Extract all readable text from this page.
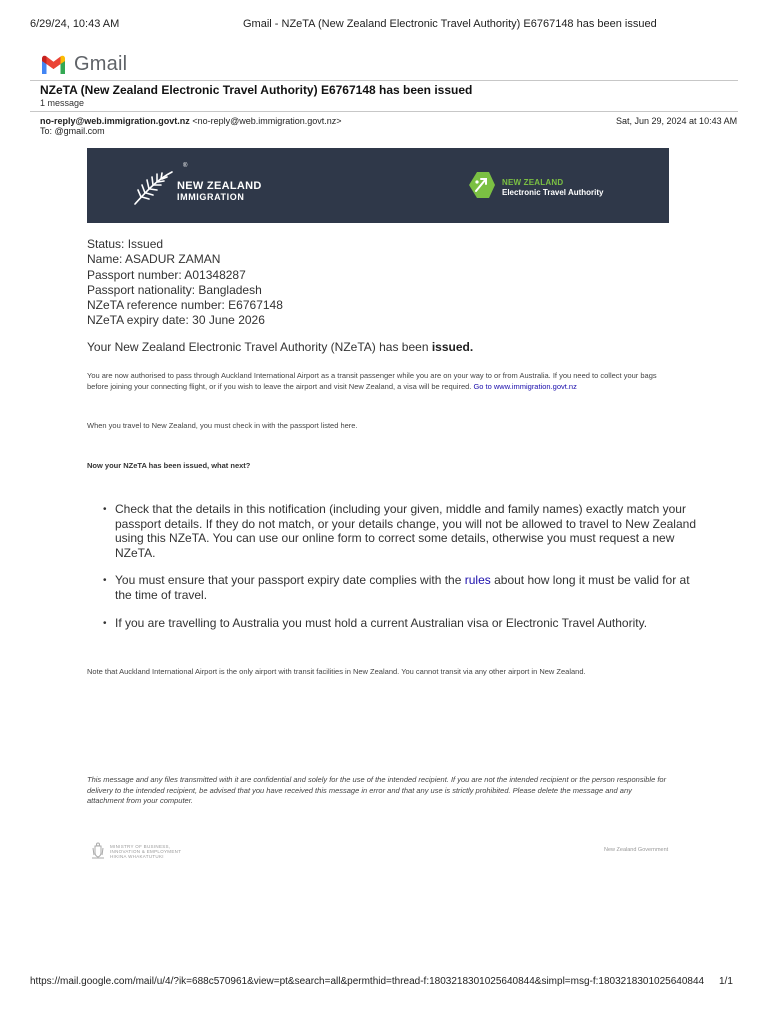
6/29/24, 10:43 AM	Gmail - NZeTA (New Zealand Electronic Travel Authority) E6767148 has been issued
Gmail
NZeTA (New Zealand Electronic Travel Authority) E6767148 has been issued
1 message
no-reply@web.immigration.govt.nz <no-reply@web.immigration.govt.nz>
To: @gmail.com
Sat, Jun 29, 2024 at 10:43 AM
®
NEW ZEALAND
IMMIGRATION
NEW ZEALAND
Electronic Travel Authority
Status: Issued
Name: ASADUR ZAMAN
Passport number: A01348287
Passport nationality: Bangladesh
NZeTA reference number: E6767148
NZeTA expiry date: 30 June 2026
Your New Zealand Electronic Travel Authority (NZeTA) has been issued.
You are now authorised to pass through Auckland International Airport as a transit passenger while you are on your way to or from Australia. If you need to collect your bags before joining your connecting flight, or if you wish to leave the airport and visit New Zealand, a visa will be required. Go to www.immigration.govt.nz
When you travel to New Zealand, you must check in with the passport listed here.
Now your NZeTA has been issued, what next?
• Check that the details in this notification (including your given, middle and family names) exactly match your passport details. If they do not match, or your details change, you will not be allowed to travel to New Zealand using this NZeTA. You can use our online form to correct some details, otherwise you must request a new NZeTA.
• You must ensure that your passport expiry date complies with the rules about how long it must be valid for at the time of travel.
• If you are travelling to Australia you must hold a current Australian visa or Electronic Travel Authority.
Note that Auckland International Airport is the only airport with transit facilities in New Zealand. You cannot transit via any other airport in New Zealand.
This message and any files transmitted with it are confidential and solely for the use of the intended recipient. If you are not the intended recipient or the person responsible for delivery to the intended recipient, be advised that you have received this message in error and that any use is strictly prohibited. Please delete the message and any attachment from your computer.
MINISTRY OF BUSINESS,
INNOVATION & EMPLOYMENT
HIKINA WHAKATUTUKI
New Zealand Government
https://mail.google.com/mail/u/4/?ik=688c570961&view=pt&search=all&permthid=thread-f:1803218301025640844&simpl=msg-f:1803218301025640844 1/1
